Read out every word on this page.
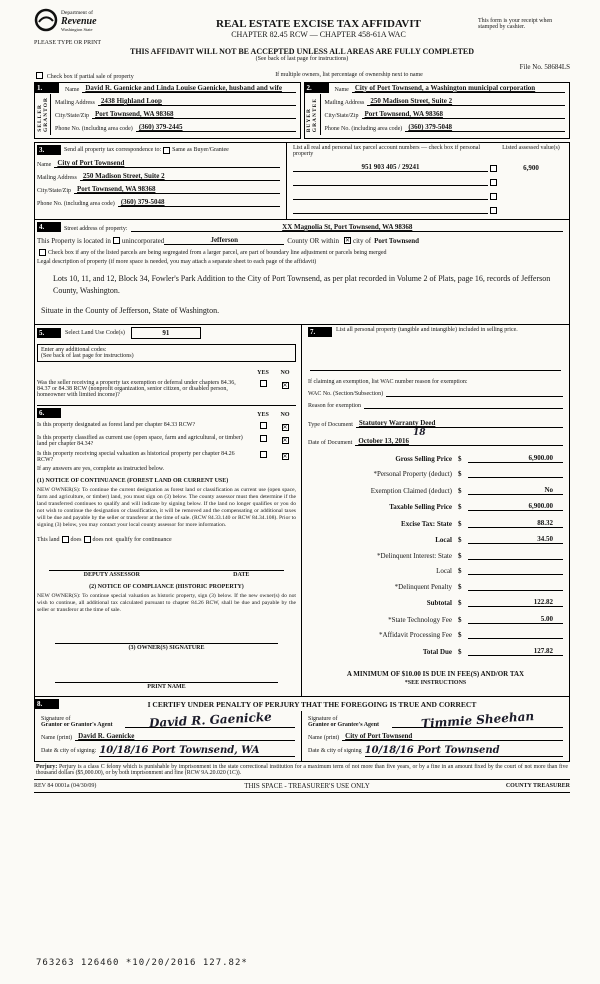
Department of
Revenue
Washington State
PLEASE TYPE OR PRINT
REAL ESTATE EXCISE TAX AFFIDAVIT
CHAPTER 82.45 RCW — CHAPTER 458-61A WAC
This form is your receipt when stamped by cashier.
THIS AFFIDAVIT WILL NOT BE ACCEPTED UNLESS ALL AREAS ARE FULLY COMPLETED
(See back of last page for instructions)
File No. 58684LS
Check box if partial sale of property	If multiple owners, list percentage of ownership next to name
1.
SELLER GRANTOR
Name David R. Gaenicke and Linda Louise Gaenicke, husband and wife
Mailing Address 2438 Highland Loop
City/State/Zip Port Townsend, WA 98368
Phone No. (including area code) (360) 379-2445
2.
BUYER GRANTEE
Name City of Port Townsend, a Washington municipal corporation
Mailing Address 250 Madison Street, Suite 2
City/State/Zip Port Townsend, WA 98368
Phone No. (including area code) (360) 379-5048
3.	Send all property tax correspondence to: Same as Buyer/Grantee
Name City of Port Townsend
Mailing Address 250 Madison Street, Suite 2
City/State/Zip Port Townsend, WA 98368
Phone No. (including area code) (360) 379-5048
List all real and personal tax parcel account numbers — check box if personal property
Listed assessed value(s)
951 903 405 / 29241	6,900
4.	Street address of property:	XX Magnolia St, Port Townsend, WA 98368
This Property is located in unincorporated	Jefferson	County OR within ✕ city of Port Townsend
Check box if any of the listed parcels are being segregated from a larger parcel, are part of boundary line adjustment or parcels being merged
Legal description of property (if more space is needed, you may attach a separate sheet to each page of the affidavit)
Lots 10, 11, and 12, Block 34, Fowler's Park Addition to the City of Port Townsend, as per plat recorded in Volume 2 of Plats, page 16, records of Jefferson County, Washington.
Situate in the County of Jefferson, State of Washington.
5.	Select Land Use Code(s)	91
Enter any additional codes:
(See back of last page for instructions)
YES	NO
Was the seller receiving a property tax exemption or deferral under chapters 84.36, 84.37 or 84.38 RCW (nonprofit organization, senior citizen, or disabled person, homeowner with limited income)?
✕
6.	YES	NO
Is this property designated as forest land per chapter 84.33 RCW?	✕
Is this property classified as current use (open space, farm and agricultural, or timber) land per chapter 84.34?	✕
Is this property receiving special valuation as historical property per chapter 84.26 RCW?	✕
If any answers are yes, complete as instructed below.
(1) NOTICE OF CONTINUANCE (FOREST LAND OR CURRENT USE)
NEW OWNER(S): To continue the current designation as forest land or classification as current use (open space, farm and agriculture, or timber) land, you must sign on (3) below. The county assessor must then determine if the land transferred continues to qualify and will indicate by signing below. If the land no longer qualifies or you do not wish to continue the designation or classification, it will be removed and the compensating or additional taxes will be due and payable by the seller or transferor at the time of sale. (RCW 84.33.140 or RCW 84.34.108). Prior to signing (3) below, you may contact your local county assessor for more information.
This land does does not qualify for continuance
DEPUTY ASSESSOR	DATE
(2) NOTICE OF COMPLIANCE (HISTORIC PROPERTY)
NEW OWNER(S): To continue special valuation as historic property, sign (3) below. If the new owner(s) do not wish to continue, all additional tax calculated pursuant to chapter 84.26 RCW, shall be due and payable by the seller or transferor at the time of sale.
(3) OWNER(S) SIGNATURE
PRINT NAME
7.	List all personal property (tangible and intangible) included in selling price.
If claiming an exemption, list WAC number reason for exemption:
WAC No. (Section/Subsection)
Reason for exemption
Type of Document Statutory Warranty Deed
Date of Document October 13, 2016
18
Gross Selling Price $	6,900.00
*Personal Property (deduct) $
Exemption Claimed (deduct) $	No
Taxable Selling Price $	6,900.00
Excise Tax: State $	88.32
Local $	34.50
*Delinquent Interest: State $
Local $
*Delinquent Penalty $
Subtotal $	122.82
*State Technology Fee $	5.00
*Affidavit Processing Fee $
Total Due $	127.82
A MINIMUM OF $10.00 IS DUE IN FEE(S) AND/OR TAX
*SEE INSTRUCTIONS
8.	I CERTIFY UNDER PENALTY OF PERJURY THAT THE FOREGOING IS TRUE AND CORRECT
Signature of
Grantor or Grantor's Agent	David R. Gaenicke
Name (print) David R. Gaenicke
Date & city of signing: 10/18/16 Port Townsend, WA
Signature of
Grantee or Grantee's Agent	Timmie Sheehan
Name (print) City of Port Townsend
Date & city of signing 10/18/16 Port Townsend
Perjury: Perjury is a class C felony which is punishable by imprisonment in the state correctional institution for a maximum term of not more than five years, or by a fine in an amount fixed by the court of not more than five thousand dollars ($5,000.00), or by both imprisonment and fine (RCW 9A.20.020 (1C)).
REV 84 0001a (04/30/09)	THIS SPACE - TREASURER'S USE ONLY	COUNTY TREASURER
763263 126460 *10/20/2016 127.82*
